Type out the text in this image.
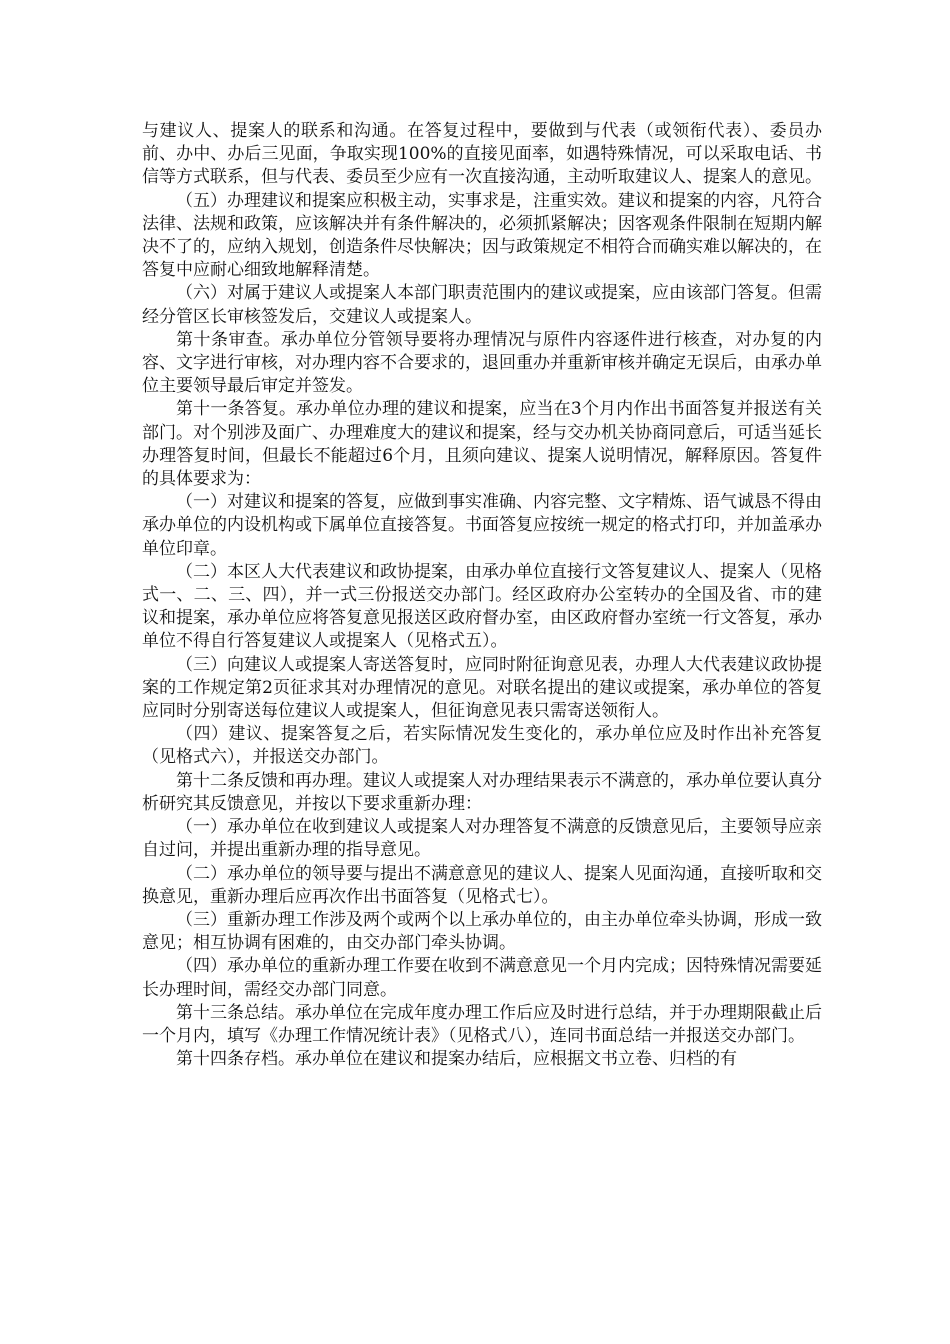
与建议人、提案人的联系和沟通。在答复过程中，要做到与代表（或领衔代表）、委员办前、办中、办后三见面，争取实现100%的直接见面率，如遇特殊情况，可以采取电话、书信等方式联系，但与代表、委员至少应有一次直接沟通，主动听取建议人、提案人的意见。

（五）办理建议和提案应积极主动，实事求是，注重实效。建议和提案的内容，凡符合法律、法规和政策，应该解决并有条件解决的，必须抓紧解决；因客观条件限制在短期内解决不了的，应纳入规划，创造条件尽快解决；因与政策规定不相符合而确实难以解决的，在答复中应耐心细致地解释清楚。

（六）对属于建议人或提案人本部门职责范围内的建议或提案，应由该部门答复。但需经分管区长审核签发后，交建议人或提案人。

第十条审查。承办单位分管领导要将办理情况与原件内容逐件进行核查，对办复的内容、文字进行审核，对办理内容不合要求的，退回重办并重新审核并确定无误后，由承办单位主要领导最后审定并签发。

第十一条答复。承办单位办理的建议和提案，应当在3个月内作出书面答复并报送有关部门。对个别涉及面广、办理难度大的建议和提案，经与交办机关协商同意后，可适当延长办理答复时间，但最长不能超过6个月，且须向建议、提案人说明情况，解释原因。答复件的具体要求为：

（一）对建议和提案的答复，应做到事实准确、内容完整、文字精炼、语气诚恳不得由承办单位的内设机构或下属单位直接答复。书面答复应按统一规定的格式打印，并加盖承办单位印章。

（二）本区人大代表建议和政协提案，由承办单位直接行文答复建议人、提案人（见格式一、二、三、四），并一式三份报送交办部门。经区政府办公室转办的全国及省、市的建议和提案，承办单位应将答复意见报送区政府督办室，由区政府督办室统一行文答复，承办单位不得自行答复建议人或提案人（见格式五）。

（三）向建议人或提案人寄送答复时，应同时附征询意见表，办理人大代表建议政协提案的工作规定第2页征求其对办理情况的意见。对联名提出的建议或提案，承办单位的答复应同时分别寄送每位建议人或提案人，但征询意见表只需寄送领衔人。

（四）建议、提案答复之后，若实际情况发生变化的，承办单位应及时作出补充答复（见格式六），并报送交办部门。

第十二条反馈和再办理。建议人或提案人对办理结果表示不满意的，承办单位要认真分析研究其反馈意见，并按以下要求重新办理：

（一）承办单位在收到建议人或提案人对办理答复不满意的反馈意见后，主要领导应亲自过问，并提出重新办理的指导意见。

（二）承办单位的领导要与提出不满意意见的建议人、提案人见面沟通，直接听取和交换意见，重新办理后应再次作出书面答复（见格式七）。

（三）重新办理工作涉及两个或两个以上承办单位的，由主办单位牵头协调，形成一致意见；相互协调有困难的，由交办部门牵头协调。

（四）承办单位的重新办理工作要在收到不满意意见一个月内完成；因特殊情况需要延长办理时间，需经交办部门同意。

第十三条总结。承办单位在完成年度办理工作后应及时进行总结，并于办理期限截止后一个月内，填写《办理工作情况统计表》（见格式八），连同书面总结一并报送交办部门。

第十四条存档。承办单位在建议和提案办结后，应根据文书立卷、归档的有
